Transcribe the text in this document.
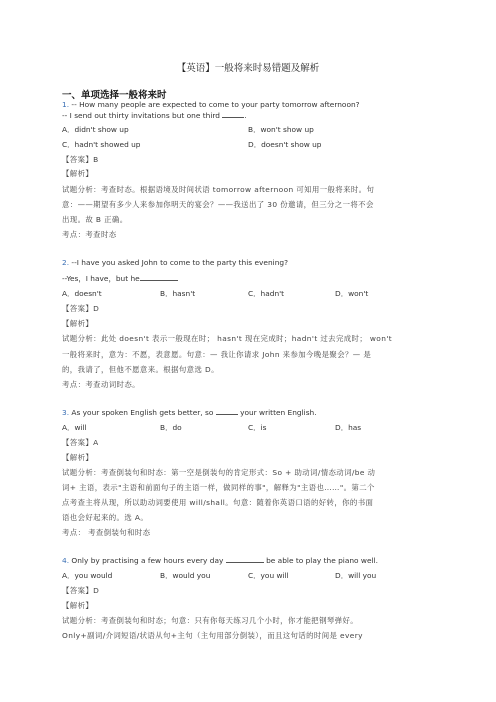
【英语】一般将来时易错题及解析
一、单项选择一般将来时
1. -- How many people are expected to come to your party tomorrow afternoon?
-- I send out thirty invitations but one third	.
A．didn't show up	B．won't show up
C．hadn't showed up	D．doesn't show up
【答案】B
【解析】
试题分析：考查时态。根据语境及时间状语 tomorrow afternoon 可知用一般将来时。句
意：——期望有多少人来参加你明天的宴会？——我送出了 30 份邀请，但三分之一将不会
出现。故 B 正确。
考点：考查时态
2. --I have you asked John to come to the party this evening?
--Yes，I have，but he
A．doesn't	B．hasn't	C．hadn't	D．won't
【答案】D
【解析】
试题分析：此处 doesn't 表示一般现在时； hasn't 现在完成时；hadn't 过去完成时； won't
一般将来时，意为：不愿，表意愿。句意：— 我让你请求 John 来参加今晚是聚会？— 是
的，我请了，但他不愿意来。根据句意选 D。
考点：考查动词时态。
3. As your spoken English gets better, so	your written English.
A．will	B．do	C．is	D．has
【答案】A
【解析】
试题分析：考查倒装句和时态：第一空是倒装句的肯定形式：So + 助动词/情态动词/be 动
词+ 主语，表示"主语和前面句子的主语一样，做同样的事"，解释为"主语也……"。第二个
点考查主将从现，所以助动词要使用 will/shall。句意：随着你英语口语的好转，你的书面
语也会好起来的。选 A。
考点： 考查倒装句和时态
4. Only by practising a few hours every day	be able to play the piano well.
A．you would	B．would you	C．you will	D．will you
【答案】D
【解析】
试题分析：考查倒装句和时态；句意：只有你每天练习几个小时，你才能把钢琴弹好。
Only+副词/介词短语/状语从句+主句（主句用部分倒装），而且这句话的时间是 every
